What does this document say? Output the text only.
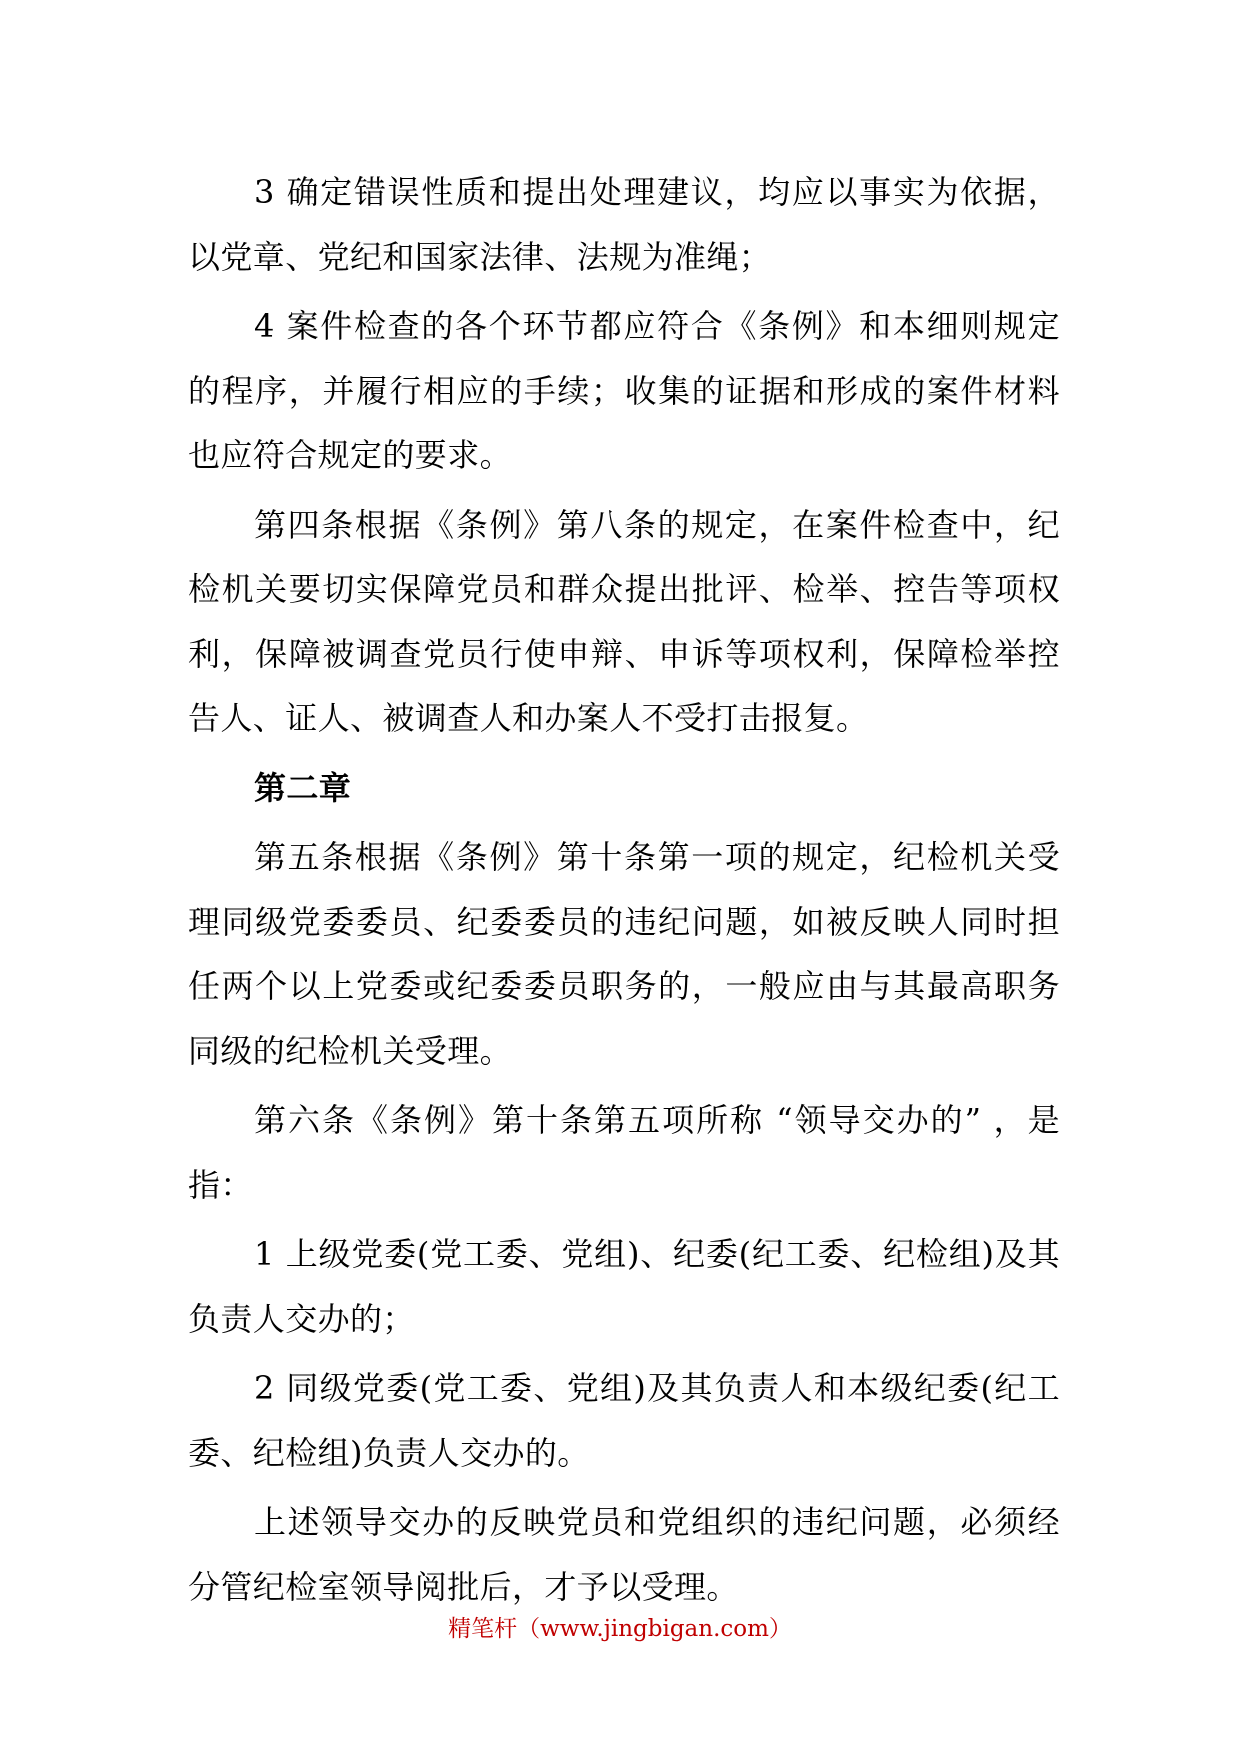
3 确定错误性质和提出处理建议，均应以事实为依据，以党章、党纪和国家法律、法规为准绳；

4 案件检查的各个环节都应符合《条例》和本细则规定的程序，并履行相应的手续；收集的证据和形成的案件材料也应符合规定的要求。

第四条根据《条例》第八条的规定，在案件检查中，纪检机关要切实保障党员和群众提出批评、检举、控告等项权利，保障被调查党员行使申辩、申诉等项权利，保障检举控告人、证人、被调查人和办案人不受打击报复。

第二章

第五条根据《条例》第十条第一项的规定，纪检机关受理同级党委委员、纪委委员的违纪问题，如被反映人同时担任两个以上党委或纪委委员职务的，一般应由与其最高职务同级的纪检机关受理。

第六条《条例》第十条第五项所称 “领导交办的” ，是指：

1 上级党委(党工委、党组)、纪委(纪工委、纪检组)及其负责人交办的；

2 同级党委(党工委、党组)及其负责人和本级纪委(纪工委、纪检组)负责人交办的。

上述领导交办的反映党员和党组织的违纪问题，必须经分管纪检室领导阅批后，才予以受理。

精笔杆（www.jingbigan.com）
